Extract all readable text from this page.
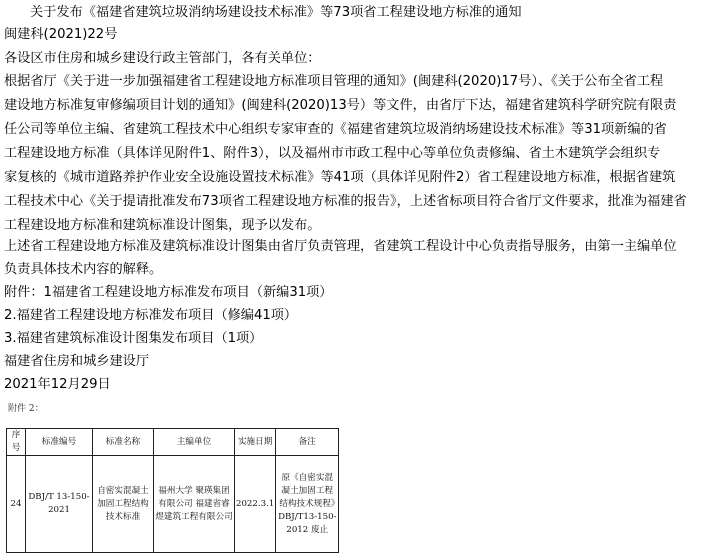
关于发布《福建省建筑垃圾消纳场建设技术标准》等73项省工程建设地方标准的通知
闽建科(2021)22号
各设区市住房和城乡建设行政主管部门，各有关单位：
根据省厅《关于进一步加强福建省工程建设地方标准项目管理的通知》(闽建科(2020)17号）、《关于公布全省工程
建设地方标准复审修编项目计划的通知》(闽建科(2020)13号）等文件，由省厅下达，福建省建筑科学研究院有限责
任公司等单位主编、省建筑工程技术中心组织专家审查的《福建省建筑垃圾消纳场建设技术标准》等31项新编的省
工程建设地方标准（具体详见附件1、附件3），以及福州市市政工程中心等单位负责修编、省土木建筑学会组织专
家复核的《城市道路养护作业安全设施设置技术标准》等41项（具体详见附件2）省工程建设地方标准，根据省建筑
工程技术中心《关于提请批准发布73项省工程建设地方标准的报告》，上述省标项目符合省厅文件要求，批准为福建省
工程建设地方标准和建筑标准设计图集，现予以发布。
上述省工程建设地方标准及建筑标准设计图集由省厅负责管理，省建筑工程设计中心负责指导服务，由第一主编单位
负责具体技术内容的解释。
附件：1福建省工程建设地方标准发布项目（新编31项）
2.福建省工程建设地方标准发布项目（修编41项）
3.福建省建筑标准设计图集发布项目（1项）
福建省住房和城乡建设厅
2021年12月29日
附件 2：
序号	标准编号	标准名称	主编单位	实施日期	备注
24	DBJ/T 13-150-2021	自密实混凝土加固工程结构技术标准	福州大学 聚瑛集团有限公司 福建省睿煜建筑工程有限公司	2022.3.1	原《自密实混凝土加固工程结构技术规程》DBJ/T13-150-2012 废止
